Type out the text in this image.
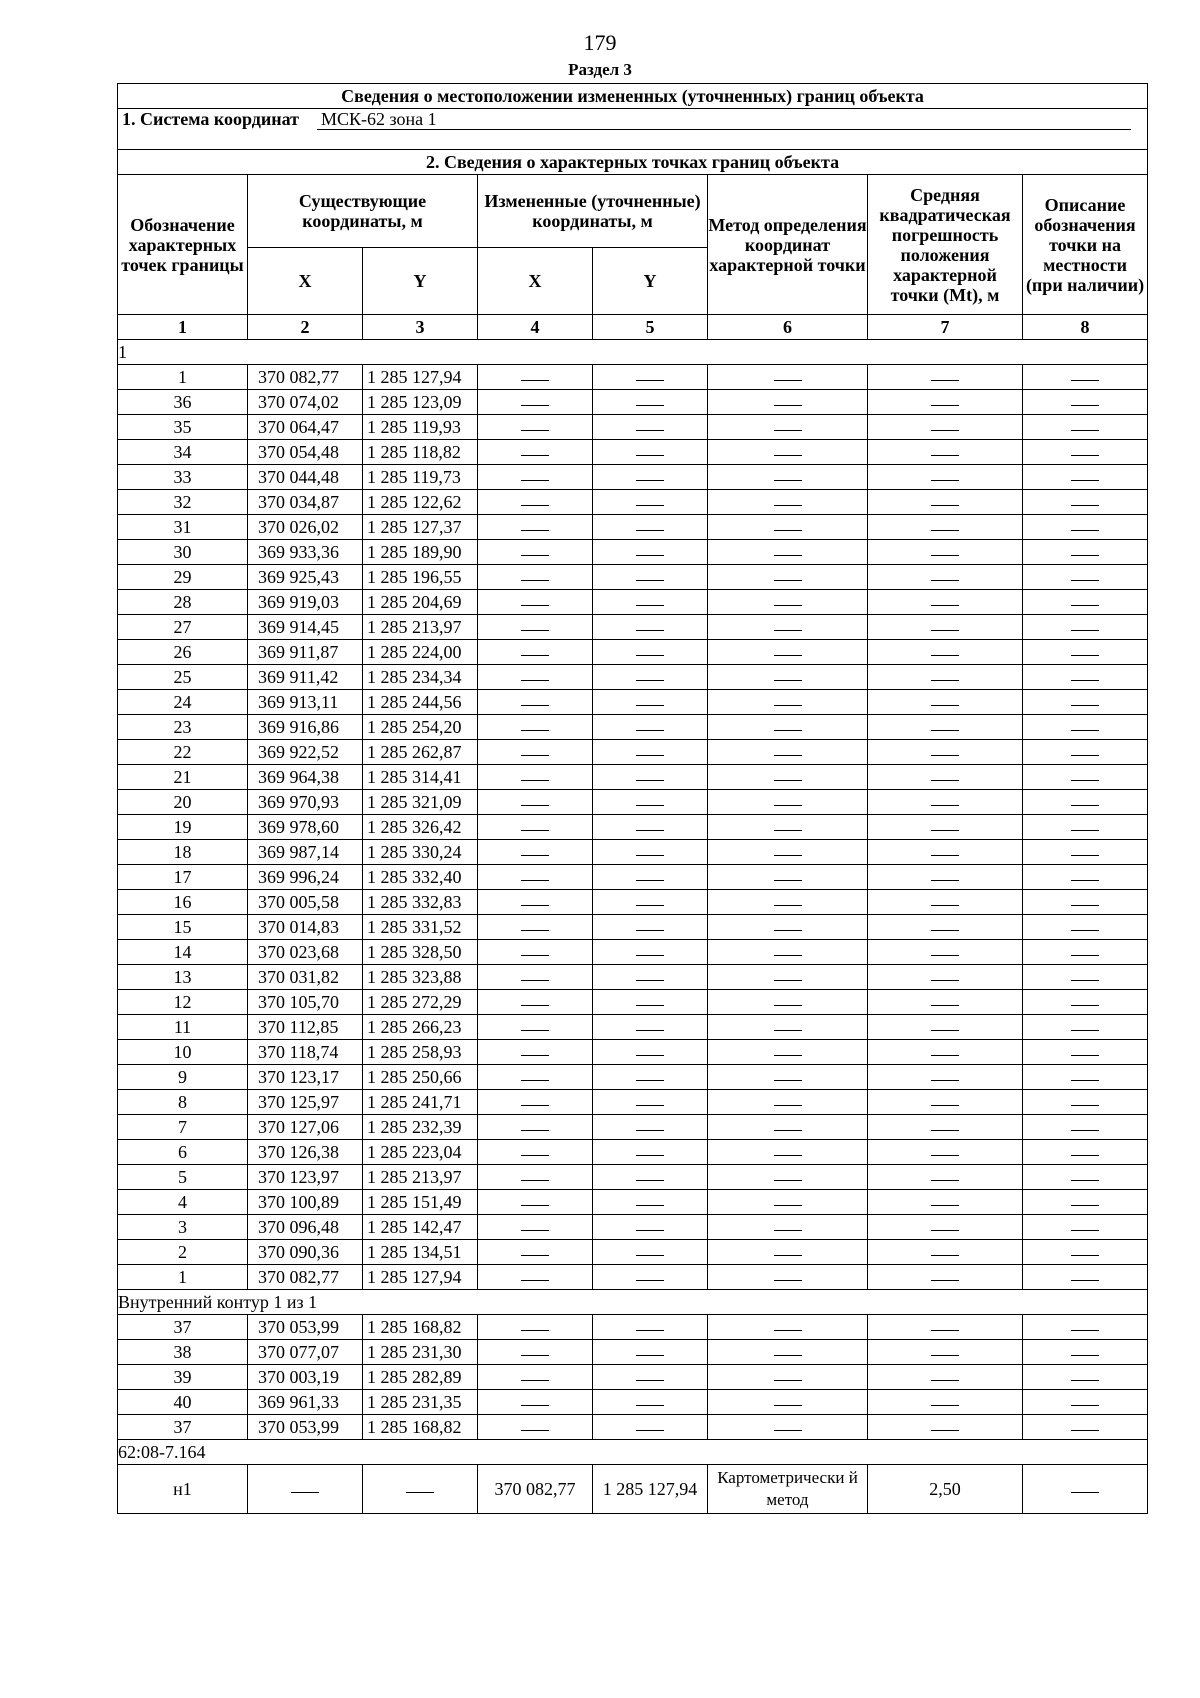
179
Раздел 3
Сведения о местоположении измененных (уточненных) границ объекта							
1. Система координат МСК-62 зона 1							
2. Сведения о характерных точках границ объекта							
Обозначение характерных точек границы	Существующие координаты, м		Измененные (уточненные) координаты, м		Метод определения координат характерной точки	Средняя квадратическая погрешность положения характерной точки (Mt), м	Описание обозначения точки на местности (при наличии)
	X	Y	X	Y			
1	2	3	4	5	6	7	8
1							
1	370 082,77	1 285 127,94					
36	370 074,02	1 285 123,09					
35	370 064,47	1 285 119,93					
34	370 054,48	1 285 118,82					
33	370 044,48	1 285 119,73					
32	370 034,87	1 285 122,62					
31	370 026,02	1 285 127,37					
30	369 933,36	1 285 189,90					
29	369 925,43	1 285 196,55					
28	369 919,03	1 285 204,69					
27	369 914,45	1 285 213,97					
26	369 911,87	1 285 224,00					
25	369 911,42	1 285 234,34					
24	369 913,11	1 285 244,56					
23	369 916,86	1 285 254,20					
22	369 922,52	1 285 262,87					
21	369 964,38	1 285 314,41					
20	369 970,93	1 285 321,09					
19	369 978,60	1 285 326,42					
18	369 987,14	1 285 330,24					
17	369 996,24	1 285 332,40					
16	370 005,58	1 285 332,83					
15	370 014,83	1 285 331,52					
14	370 023,68	1 285 328,50					
13	370 031,82	1 285 323,88					
12	370 105,70	1 285 272,29					
11	370 112,85	1 285 266,23					
10	370 118,74	1 285 258,93					
9	370 123,17	1 285 250,66					
8	370 125,97	1 285 241,71					
7	370 127,06	1 285 232,39					
6	370 126,38	1 285 223,04					
5	370 123,97	1 285 213,97					
4	370 100,89	1 285 151,49					
3	370 096,48	1 285 142,47					
2	370 090,36	1 285 134,51					
1	370 082,77	1 285 127,94					
Внутренний контур 1 из 1							
37	370 053,99	1 285 168,82					
38	370 077,07	1 285 231,30					
39	370 003,19	1 285 282,89					
40	369 961,33	1 285 231,35					
37	370 053,99	1 285 168,82					
62:08-7.164							
н1			370 082,77	1 285 127,94	Картометрически й метод	2,50	
